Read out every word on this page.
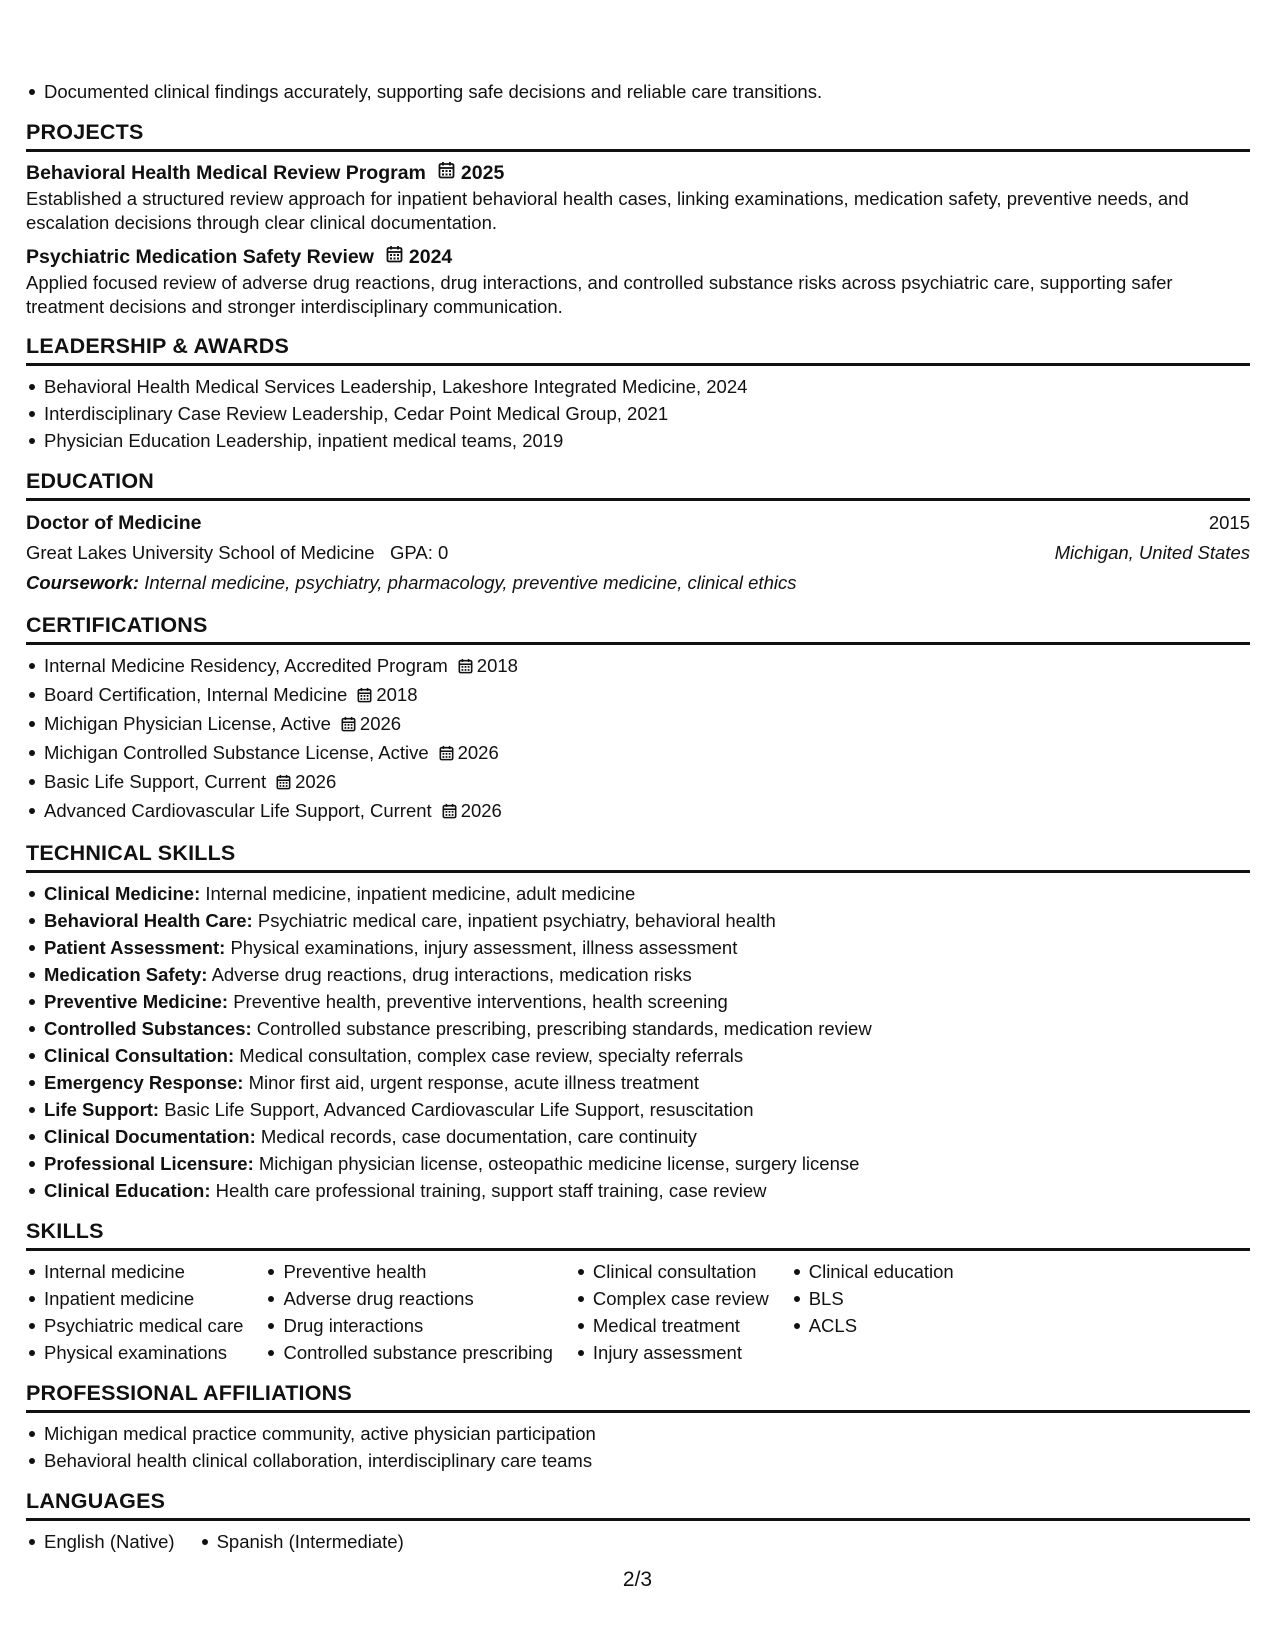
Documented clinical findings accurately, supporting safe decisions and reliable care transitions.
PROJECTS
Behavioral Health Medical Review Program 2025
Established a structured review approach for inpatient behavioral health cases, linking examinations, medication safety, preventive needs, and escalation decisions through clear clinical documentation.
Psychiatric Medication Safety Review 2024
Applied focused review of adverse drug reactions, drug interactions, and controlled substance risks across psychiatric care, supporting safer treatment decisions and stronger interdisciplinary communication.
LEADERSHIP & AWARDS
Behavioral Health Medical Services Leadership, Lakeshore Integrated Medicine, 2024
Interdisciplinary Case Review Leadership, Cedar Point Medical Group, 2021
Physician Education Leadership, inpatient medical teams, 2019
EDUCATION
Doctor of Medicine	2015
Great Lakes University School of Medicine GPA: 0	Michigan, United States
Coursework: Internal medicine, psychiatry, pharmacology, preventive medicine, clinical ethics
CERTIFICATIONS
Internal Medicine Residency, Accredited Program 2018
Board Certification, Internal Medicine 2018
Michigan Physician License, Active 2026
Michigan Controlled Substance License, Active 2026
Basic Life Support, Current 2026
Advanced Cardiovascular Life Support, Current 2026
TECHNICAL SKILLS
Clinical Medicine: Internal medicine, inpatient medicine, adult medicine
Behavioral Health Care: Psychiatric medical care, inpatient psychiatry, behavioral health
Patient Assessment: Physical examinations, injury assessment, illness assessment
Medication Safety: Adverse drug reactions, drug interactions, medication risks
Preventive Medicine: Preventive health, preventive interventions, health screening
Controlled Substances: Controlled substance prescribing, prescribing standards, medication review
Clinical Consultation: Medical consultation, complex case review, specialty referrals
Emergency Response: Minor first aid, urgent response, acute illness treatment
Life Support: Basic Life Support, Advanced Cardiovascular Life Support, resuscitation
Clinical Documentation: Medical records, case documentation, care continuity
Professional Licensure: Michigan physician license, osteopathic medicine license, surgery license
Clinical Education: Health care professional training, support staff training, case review
SKILLS
Internal medicine
Inpatient medicine
Psychiatric medical care
Physical examinations
Preventive health
Adverse drug reactions
Drug interactions
Controlled substance prescribing
Clinical consultation
Complex case review
Medical treatment
Injury assessment
Clinical education
BLS
ACLS
PROFESSIONAL AFFILIATIONS
Michigan medical practice community, active physician participation
Behavioral health clinical collaboration, interdisciplinary care teams
LANGUAGES
English (Native) Spanish (Intermediate)
2/3
